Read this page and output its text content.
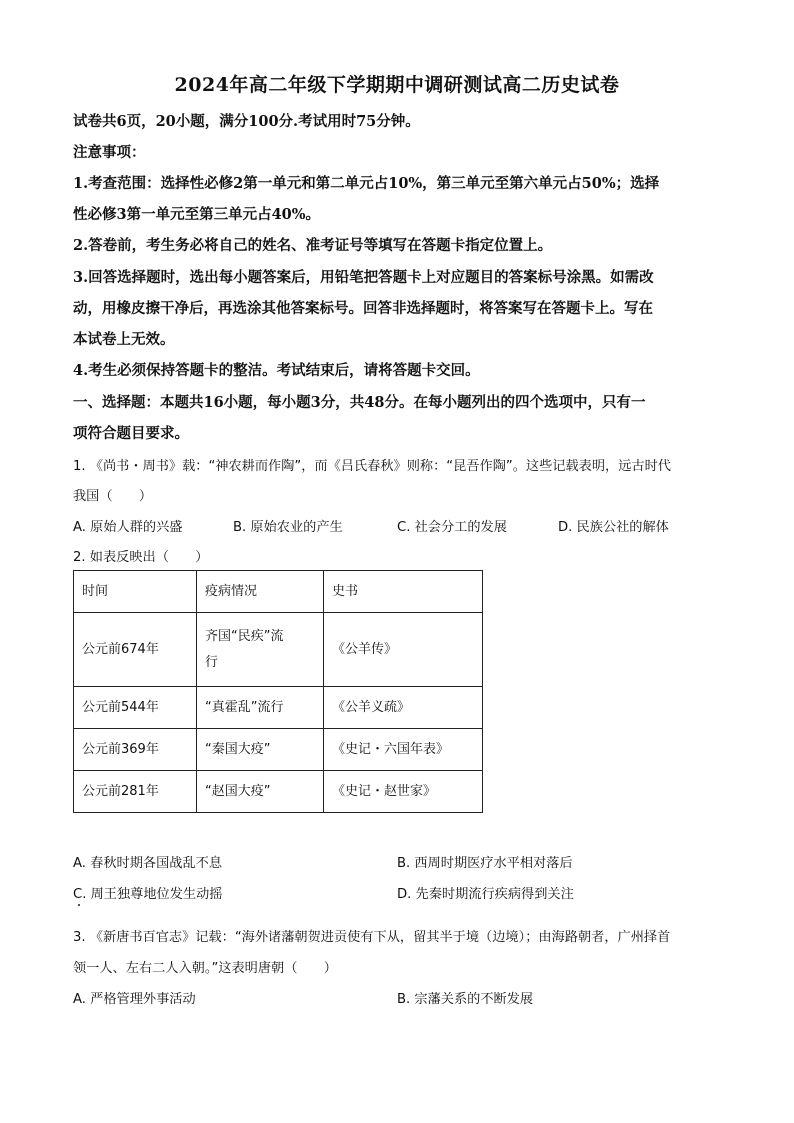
2024年高二年级下学期期中调研测试高二历史试卷
试卷共6页，20小题，满分100分.考试用时75分钟。
注意事项：
1.考查范围：选择性必修2第一单元和第二单元占10%，第三单元至第六单元占50%；选择
性必修3第一单元至第三单元占40%。
2.答卷前，考生务必将自己的姓名、准考证号等填写在答题卡指定位置上。
3.回答选择题时，选出每小题答案后，用铅笔把答题卡上对应题目的答案标号涂黑。如需改
动，用橡皮擦干净后，再选涂其他答案标号。回答非选择题时，将答案写在答题卡上。写在
本试卷上无效。
4.考生必须保持答题卡的整洁。考试结束后，请将答题卡交回。
一、选择题：本题共16小题，每小题3分，共48分。在每小题列出的四个选项中，只有一
项符合题目要求。
1. 《尚书・周书》载：“神农耕而作陶”，而《吕氏春秋》则称：“昆吾作陶”。这些记载表明，远古时代
我国（　　）
A. 原始人群的兴盛	B. 原始农业的产生	C. 社会分工的发展	D. 民族公社的解体
2. 如表反映出（　　）
时间	疫病情况	史书
公元前674年	齐国“民疾”流
行	《公羊传》
公元前544年	“真霍乱”流行	《公羊义疏》
公元前369年	“秦国大疫”	《史记・六国年表》
公元前281年	“赵国大疫”	《史记・赵世家》
A. 春秋时期各国战乱不息	B. 西周时期医疗水平相对落后
C. 周王独尊地位发生动摇	D. 先秦时期流行疾病得到关注
3. 《新唐书百官志》记载：“海外诸藩朝贺进贡使有下从，留其半于境（边境）；由海路朝者，广州择首
领一人、左右二人入朝。”这表明唐朝（　　）
A. 严格管理外事活动	B. 宗藩关系的不断发展
